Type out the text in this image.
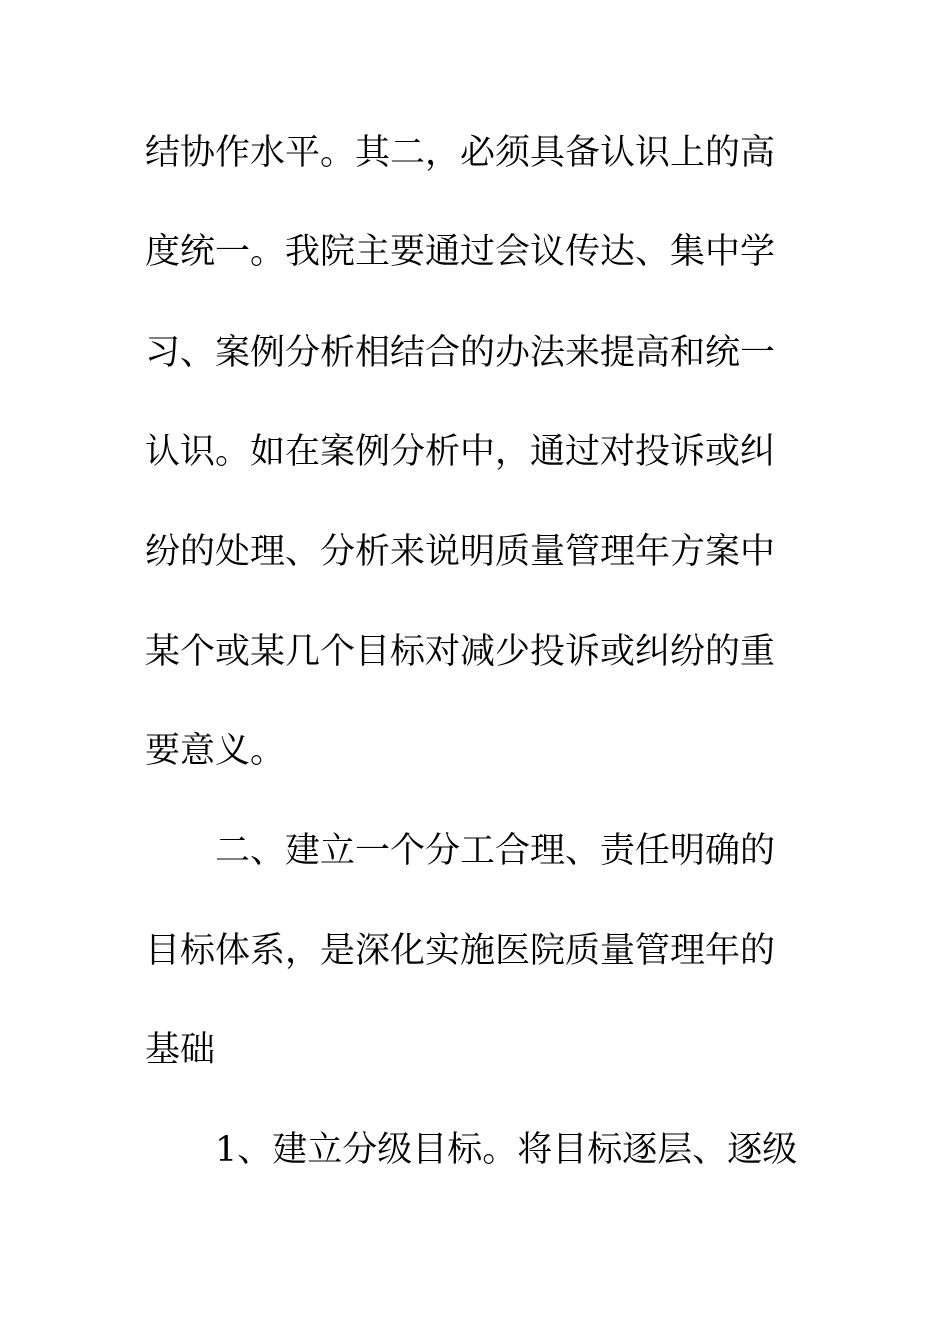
结协作水平。其二，必须具备认识上的高

度统一。我院主要通过会议传达、集中学

习、案例分析相结合的办法来提高和统一

认识。如在案例分析中，通过对投诉或纠

纷的处理、分析来说明质量管理年方案中

某个或某几个目标对减少投诉或纠纷的重

要意义。

二、建立一个分工合理、责任明确的

目标体系，是深化实施医院质量管理年的

基础

1、建立分级目标。将目标逐层、逐级
